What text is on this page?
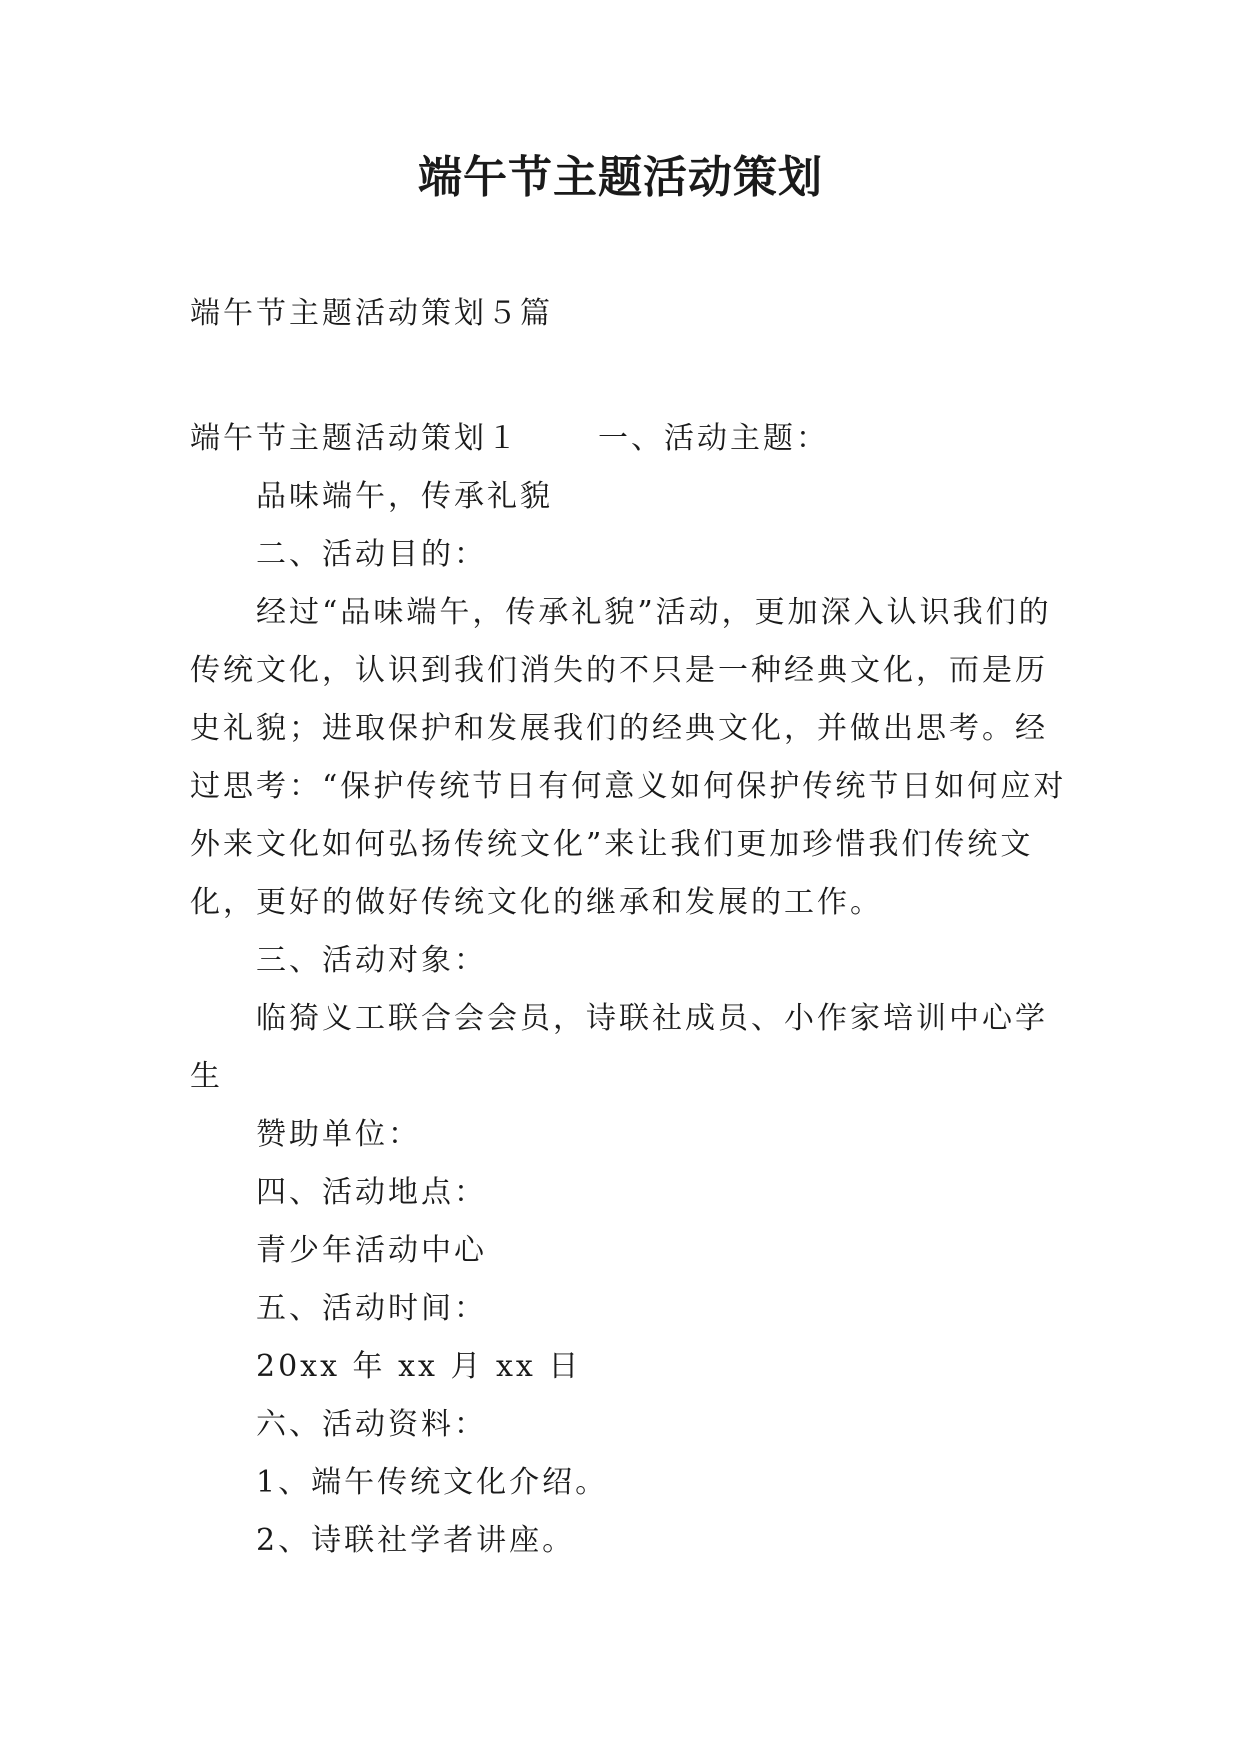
端午节主题活动策划
端午节主题活动策划５篇

端午节主题活动策划１	一、活动主题：

品味端午，传承礼貌

二、活动目的：

经过“品味端午，传承礼貌”活动，更加深入认识我们的传统文化，认识到我们消失的不只是一种经典文化，而是历史礼貌；进取保护和发展我们的经典文化，并做出思考。经过思考：“保护传统节日有何意义如何保护传统节日如何应对外来文化如何弘扬传统文化”来让我们更加珍惜我们传统文化，更好的做好传统文化的继承和发展的工作。

三、活动对象：

临猗义工联合会会员，诗联社成员、小作家培训中心学生

赞助单位：

四、活动地点：

青少年活动中心

五、活动时间：

20xx 年 xx 月 xx 日

六、活动资料：

1、端午传统文化介绍。

2、诗联社学者讲座。
